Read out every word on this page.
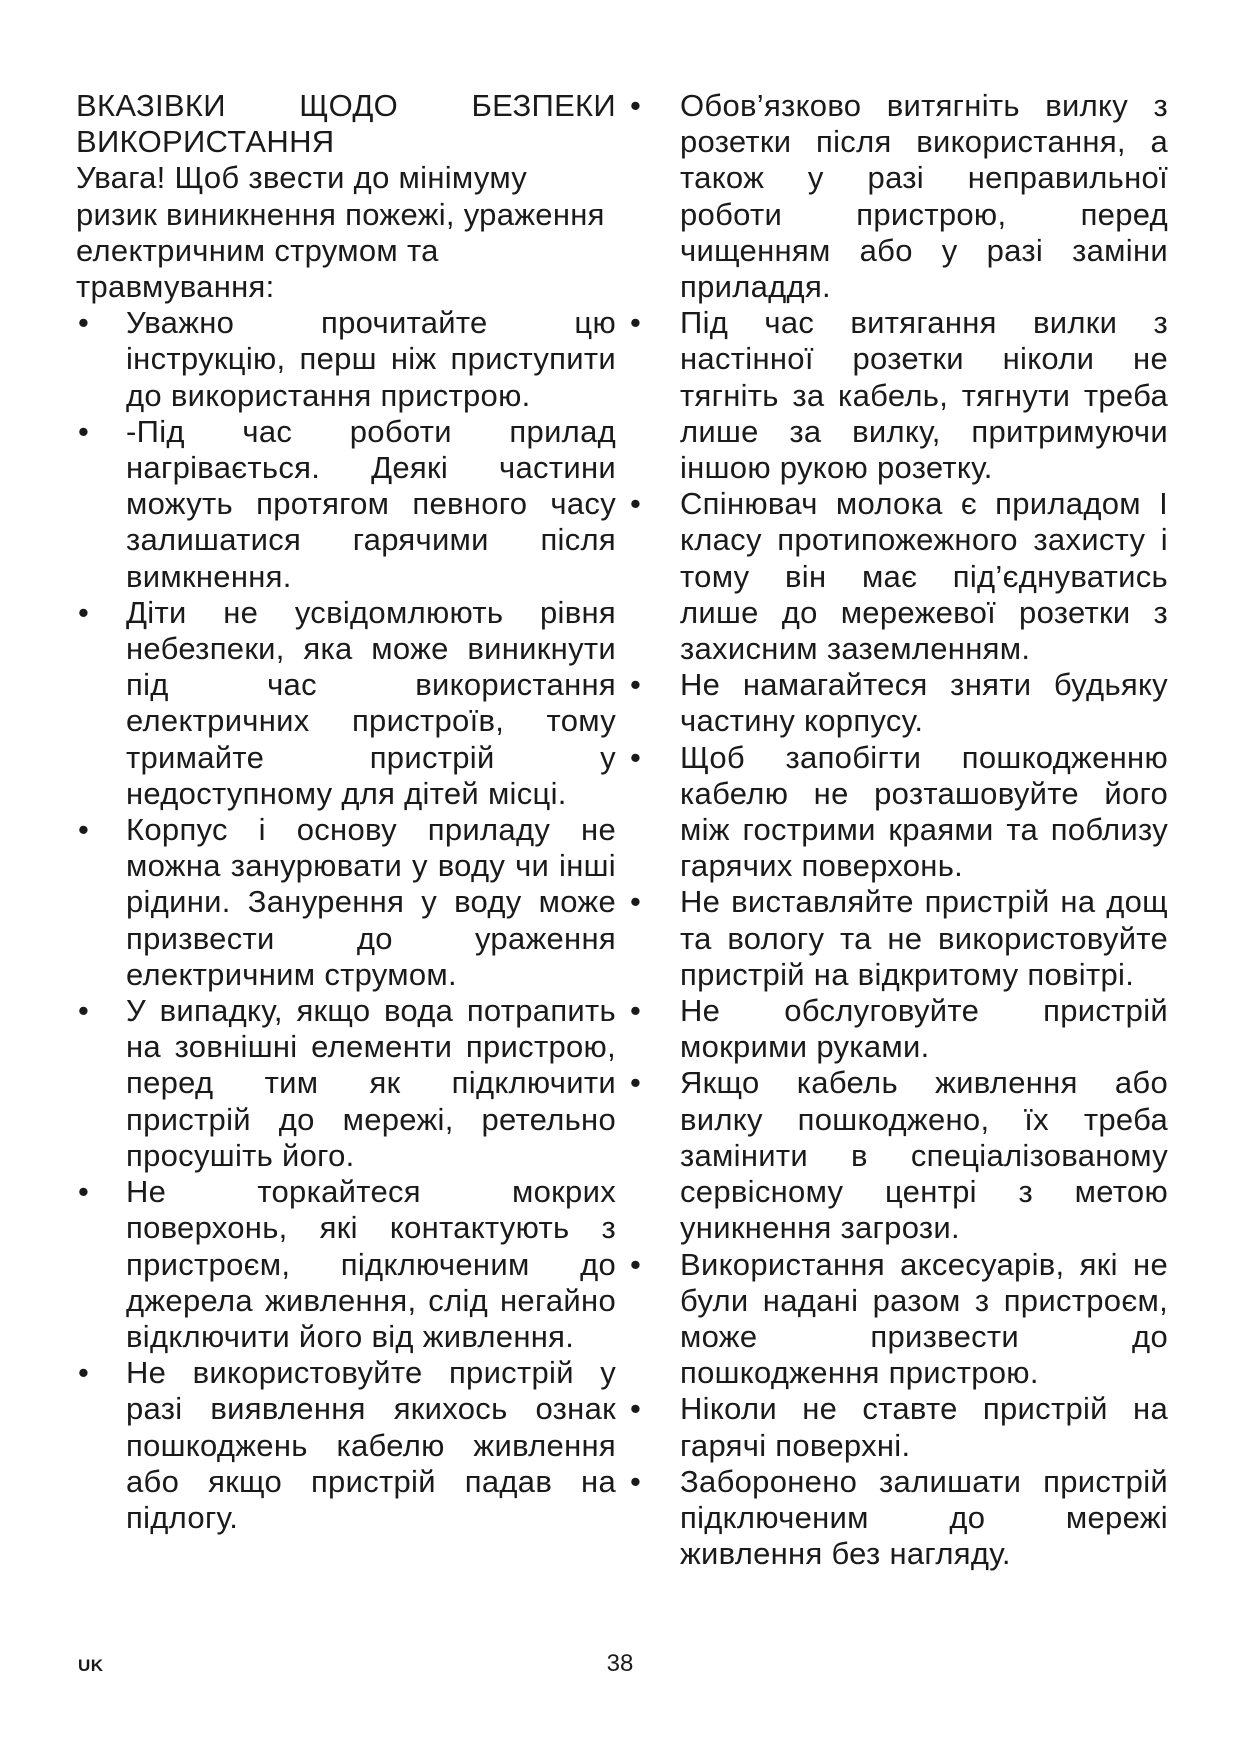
ВКАЗІВКИ ЩОДО БЕЗПЕКИ ВИКОРИСТАННЯ

Увага! Щоб звести до мінімуму ризик виникнення пожежі, ураження електричним струмом та травмування:

• Уважно прочитайте цю інструкцію, перш ніж приступити до використання пристрою.
• -Під час роботи прилад нагрівається. Деякі частини можуть протягом певного часу залишатися гарячими після вимкнення.
• Діти не усвідомлюють рівня небезпеки, яка може виникнути під час використання електричних пристроїв, тому тримайте пристрій у недоступному для дітей місці.
• Корпус і основу приладу не можна занурювати у воду чи інші рідини. Занурення у воду може призвести до ураження електричним струмом.
• У випадку, якщо вода потрапить на зовнішні елементи пристрою, перед тим як підключити пристрій до мережі, ретельно просушіть його.
• Не торкайтеся мокрих поверхонь, які контактують з пристроєм, підключеним до джерела живлення, слід негайно відключити його від живлення.
• Не використовуйте пристрій у разі виявлення якихось ознак пошкоджень кабелю живлення або якщо пристрій падав на підлогу.
• Обов’язково витягніть вилку з розетки після використання, а також у разі неправильної роботи пристрою, перед чищенням або у разі заміни приладдя.
• Під час витягання вилки з настінної розетки ніколи не тягніть за кабель, тягнути треба лише за вилку, притримуючи іншою рукою розетку.
• Спінювач молока є приладом I класу протипожежного захисту і тому він має під’єднуватись лише до мережевої розетки з захисним заземленням.
• Не намагайтеся зняти будьяку частину корпусу.
• Щоб запобігти пошкодженню кабелю не розташовуйте його між гострими краями та поблизу гарячих поверхонь.
• Не виставляйте пристрій на дощ та вологу та не використовуйте пристрій на відкритому повітрі.
• Не обслуговуйте пристрій мокрими руками.
• Якщо кабель живлення або вилку пошкоджено, їх треба замінити в спеціалізованому сервісному центрі з метою уникнення загрози.
• Використання аксесуарів, які не були надані разом з пристроєм, може призвести до пошкодження пристрою.
• Ніколи не ставте пристрій на гарячі поверхні.
• Заборонено залишати пристрій підключеним до мережі живлення без нагляду.
UK	38
